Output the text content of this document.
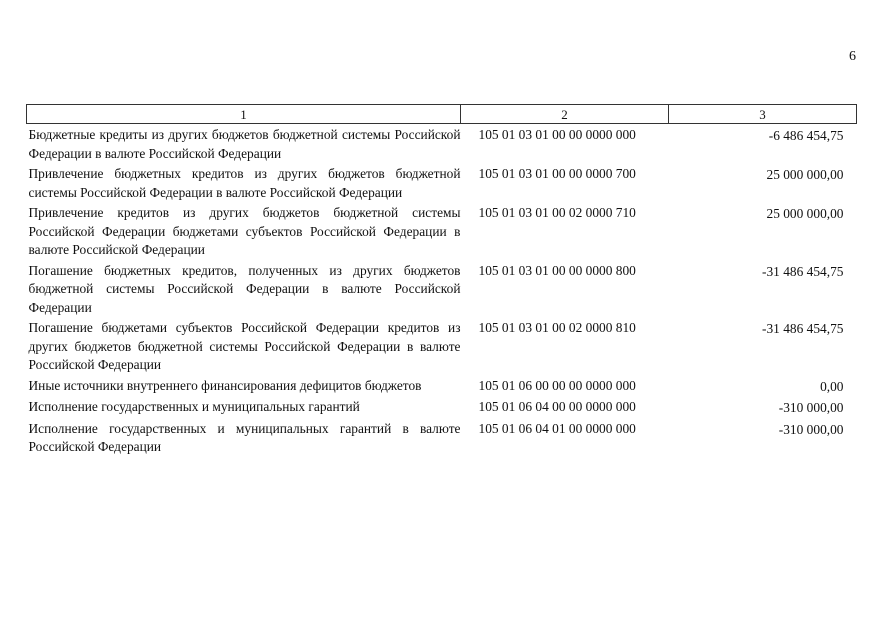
6
1	2	3
Бюджетные кредиты из других бюджетов бюджетной системы Российской Федерации в валюте Российской Федерации	105 01 03 01 00 00 0000 000	-6 486 454,75
Привлечение бюджетных кредитов из других бюджетов бюджетной системы Российской Федерации в валюте Российской Федерации	105 01 03 01 00 00 0000 700	25 000 000,00
Привлечение кредитов из других бюджетов бюджетной системы Российской Федерации бюджетами субъектов Российской Федерации в валюте Российской Федерации	105 01 03 01 00 02 0000 710	25 000 000,00
Погашение бюджетных кредитов, полученных из других бюджетов бюджетной системы Российской Федерации в валюте Российской Федерации	105 01 03 01 00 00 0000 800	-31 486 454,75
Погашение бюджетами субъектов Российской Федерации кредитов из других бюджетов бюджетной системы Российской Федерации в валюте Российской Федерации	105 01 03 01 00 02 0000 810	-31 486 454,75
Иные источники внутреннего финансирования дефицитов бюджетов	105 01 06 00 00 00 0000 000	0,00
Исполнение государственных и муниципальных гарантий	105 01 06 04 00 00 0000 000	-310 000,00
Исполнение государственных и муниципальных гарантий в валюте Российской Федерации	105 01 06 04 01 00 0000 000	-310 000,00
